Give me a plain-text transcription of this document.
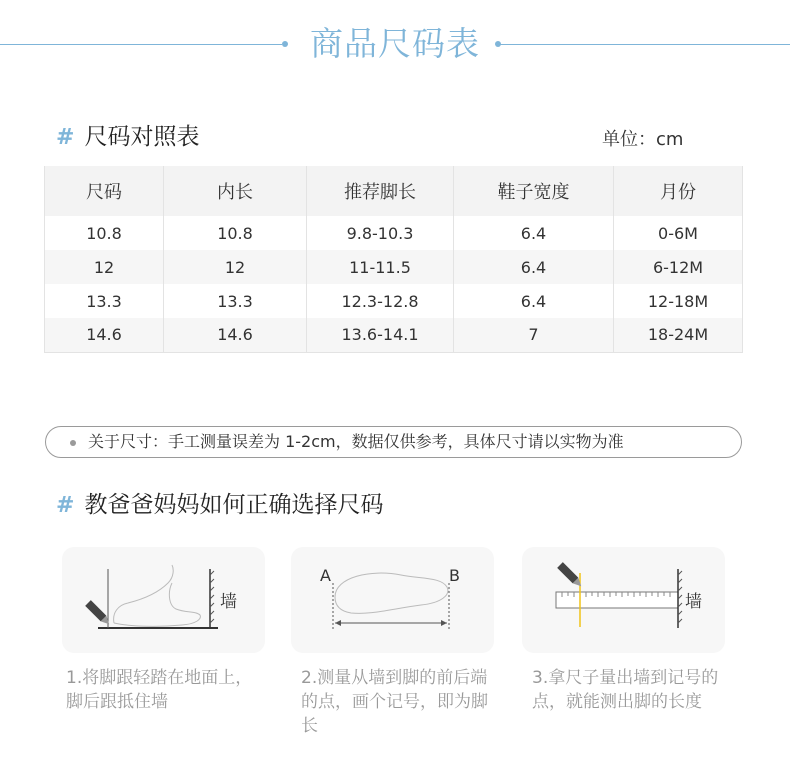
商品尺码表
# 尺码对照表	单位：cm
尺码	内长	推荐脚长	鞋子宽度	月份
10.8	10.8	9.8-10.3	6.4	0-6M
12	12	11-11.5	6.4	6-12M
13.3	13.3	12.3-12.8	6.4	12-18M
14.6	14.6	13.6-14.1	7	18-24M
关于尺寸：手工测量误差为 1-2cm，数据仅供参考，具体尺寸请以实物为准
# 教爸爸妈妈如何正确选择尺码
墙
1.将脚跟轻踏在地面上，脚后跟抵住墙
A	B
2.测量从墙到脚的前后端的点，画个记号，即为脚长
墙
3.拿尺子量出墙到记号的点，就能测出脚的长度
